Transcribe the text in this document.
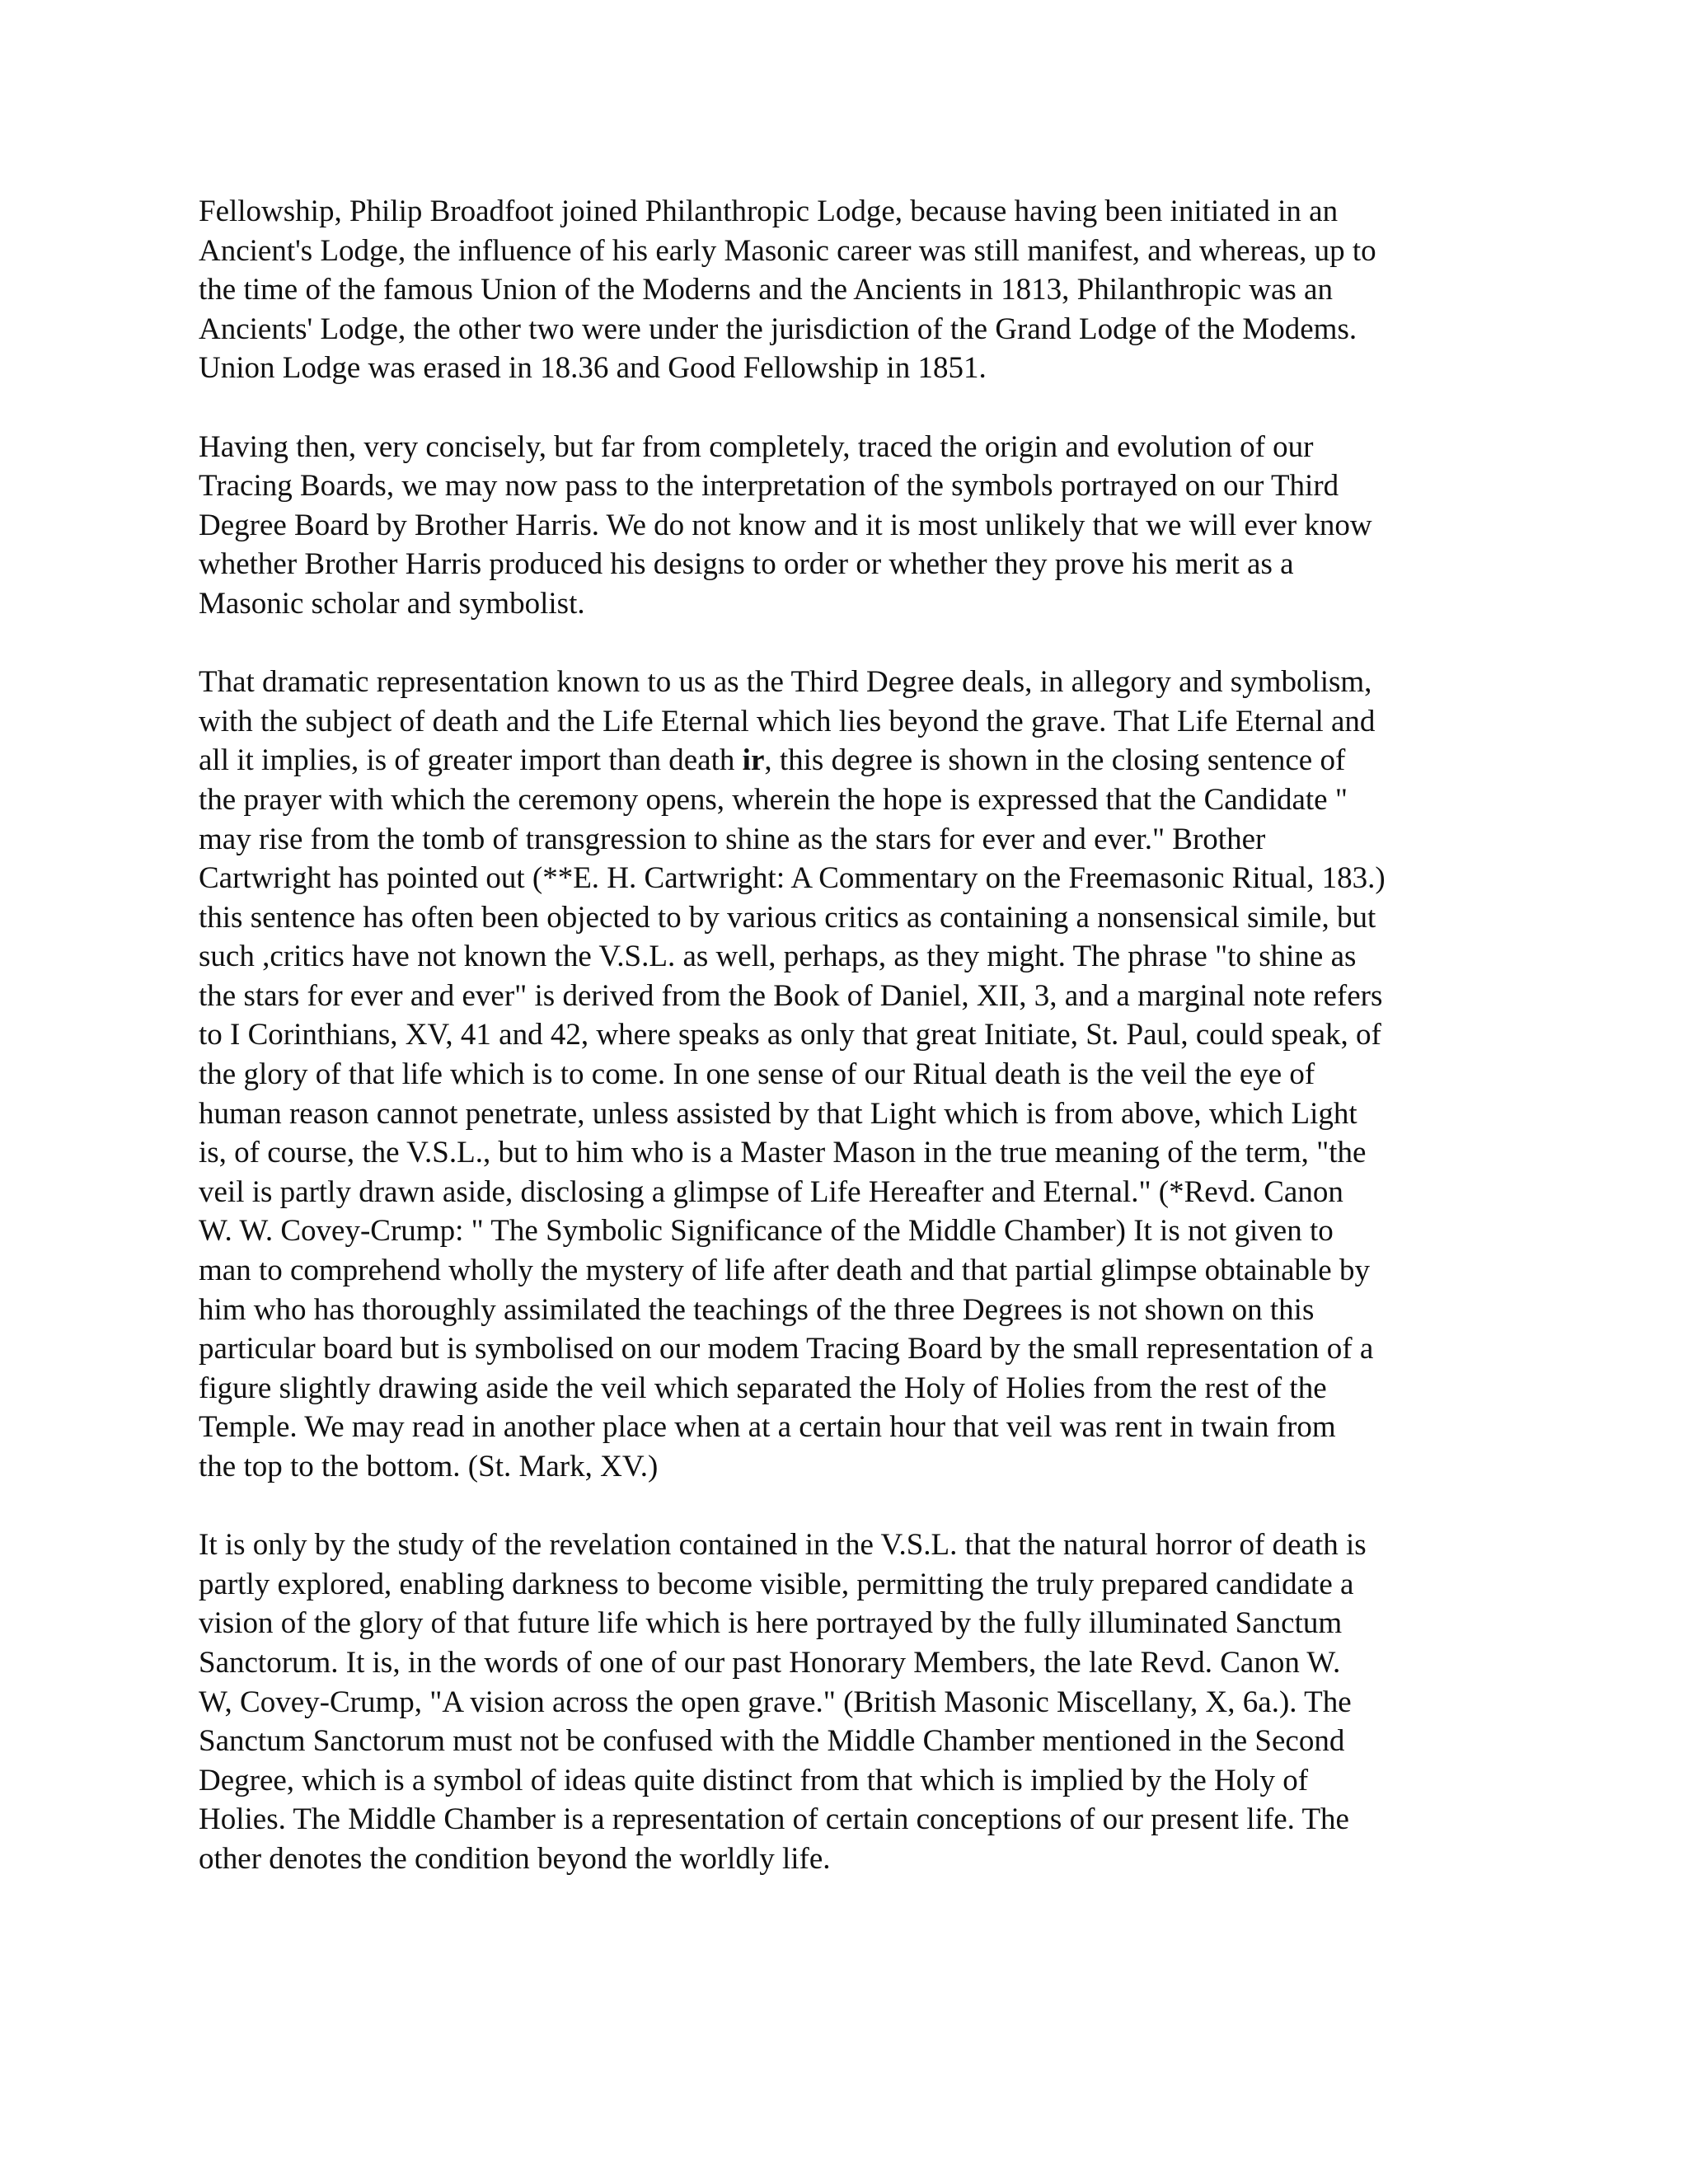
Fellowship, Philip Broadfoot joined Philanthropic Lodge, because having been initiated in an
Ancient's Lodge, the influence of his early Masonic career was still manifest, and whereas, up to
the time of the famous Union of the Moderns and the Ancients in 1813, Philanthropic was an
Ancients' Lodge, the other two were under the jurisdiction of the Grand Lodge of the Modems.
Union Lodge was erased in 18.36 and Good Fellowship in 1851.

Having then, very concisely, but far from completely, traced the origin and evolution of our
Tracing Boards, we may now pass to the interpretation of the symbols portrayed on our Third
Degree Board by Brother Harris. We do not know and it is most unlikely that we will ever know
whether Brother Harris produced his designs to order or whether they prove his merit as a
Masonic scholar and symbolist.

That dramatic representation known to us as the Third Degree deals, in allegory and symbolism,
with the subject of death and the Life Eternal which lies beyond the grave. That Life Eternal and
all it implies, is of greater import than death ir, this degree is shown in the closing sentence of
the prayer with which the ceremony opens, wherein the hope is expressed that the Candidate "
may rise from the tomb of transgression to shine as the stars for ever and ever." Brother
Cartwright has pointed out (**E. H. Cartwright: A Commentary on the Freemasonic Ritual, 183.)
this sentence has often been objected to by various critics as containing a nonsensical simile, but
such ,critics have not known the V.S.L. as well, perhaps, as they might. The phrase "to shine as
the stars for ever and ever" is derived from the Book of Daniel, XII, 3, and a marginal note refers
to I Corinthians, XV, 41 and 42, where speaks as only that great Initiate, St. Paul, could speak, of
the glory of that life which is to come. In one sense of our Ritual death is the veil the eye of
human reason cannot penetrate, unless assisted by that Light which is from above, which Light
is, of course, the V.S.L., but to him who is a Master Mason in the true meaning of the term, "the
veil is partly drawn aside, disclosing a glimpse of Life Hereafter and Eternal." (*Revd. Canon
W. W. Covey-Crump: " The Symbolic Significance of the Middle Chamber) It is not given to
man to comprehend wholly the mystery of life after death and that partial glimpse obtainable by
him who has thoroughly assimilated the teachings of the three Degrees is not shown on this
particular board but is symbolised on our modem Tracing Board by the small representation of a
figure slightly drawing aside the veil which separated the Holy of Holies from the rest of the
Temple. We may read in another place when at a certain hour that veil was rent in twain from
the top to the bottom. (St. Mark, XV.)

It is only by the study of the revelation contained in the V.S.L. that the natural horror of death is
partly explored, enabling darkness to become visible, permitting the truly prepared candidate a
vision of the glory of that future life which is here portrayed by the fully illuminated Sanctum
Sanctorum. It is, in the words of one of our past Honorary Members, the late Revd. Canon W.
W, Covey-Crump, "A vision across the open grave." (British Masonic Miscellany, X, 6a.). The
Sanctum Sanctorum must not be confused with the Middle Chamber mentioned in the Second
Degree, which is a symbol of ideas quite distinct from that which is implied by the Holy of
Holies. The Middle Chamber is a representation of certain conceptions of our present life. The
other denotes the condition beyond the worldly life.
